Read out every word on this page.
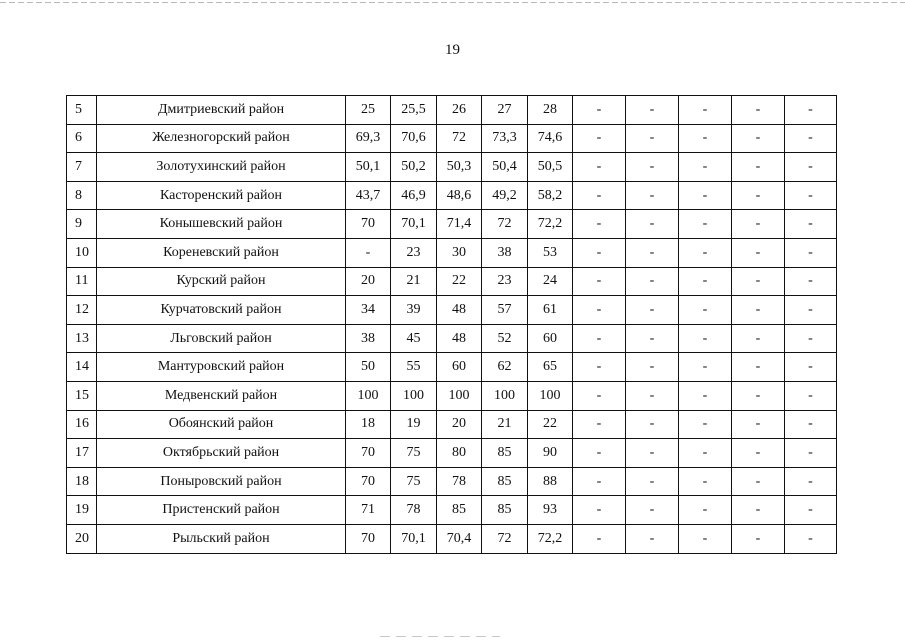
19
5	Дмитриевский район	25	25,5	26	27	28	-	-	-	-	-
6	Железногорский район	69,3	70,6	72	73,3	74,6	-	-	-	-	-
7	Золотухинский район	50,1	50,2	50,3	50,4	50,5	-	-	-	-	-
8	Касторенский район	43,7	46,9	48,6	49,2	58,2	-	-	-	-	-
9	Конышевский район	70	70,1	71,4	72	72,2	-	-	-	-	-
10	Кореневский район	-	23	30	38	53	-	-	-	-	-
11	Курский район	20	21	22	23	24	-	-	-	-	-
12	Курчатовский район	34	39	48	57	61	-	-	-	-	-
13	Льговский район	38	45	48	52	60	-	-	-	-	-
14	Мантуровский район	50	55	60	62	65	-	-	-	-	-
15	Медвенский район	100	100	100	100	100	-	-	-	-	-
16	Обоянский район	18	19	20	21	22	-	-	-	-	-
17	Октябрьский район	70	75	80	85	90	-	-	-	-	-
18	Поныровский район	70	75	78	85	88	-	-	-	-	-
19	Пристенский район	71	78	85	85	93	-	-	-	-	-
20	Рыльский район	70	70,1	70,4	72	72,2	-	-	-	-	-
